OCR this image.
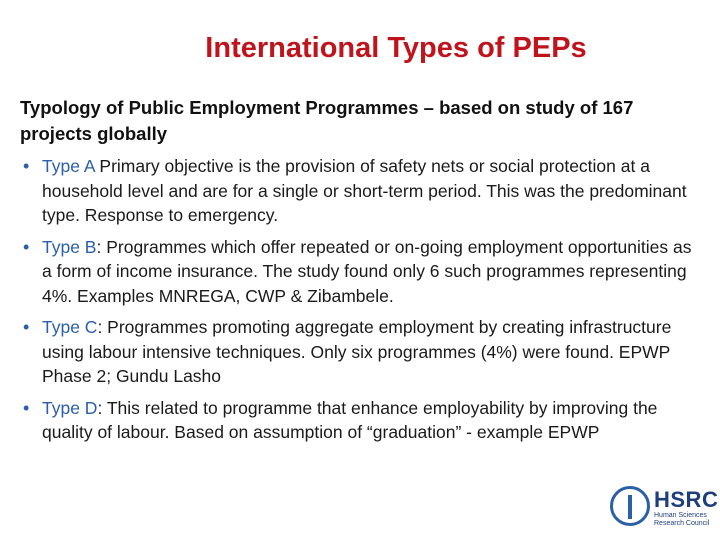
International Types of PEPs
Typology of Public Employment Programmes – based on study of 167 projects globally
• Type A Primary objective is the provision of safety nets or social protection at a household level and are for a single or short-term period. This was the predominant type. Response to emergency.
• Type B: Programmes which offer repeated or on-going employment opportunities as a form of income insurance. The study found only 6 such programmes representing 4%. Examples MNREGA, CWP & Zibambele.
• Type C: Programmes promoting aggregate employment by creating infrastructure using labour intensive techniques. Only six programmes (4%) were found. EPWP Phase 2; Gundu Lasho
• Type D: This related to programme that enhance employability by improving the quality of labour. Based on assumption of “graduation” - example EPWP
HSRC
Human Sciences Research Council
